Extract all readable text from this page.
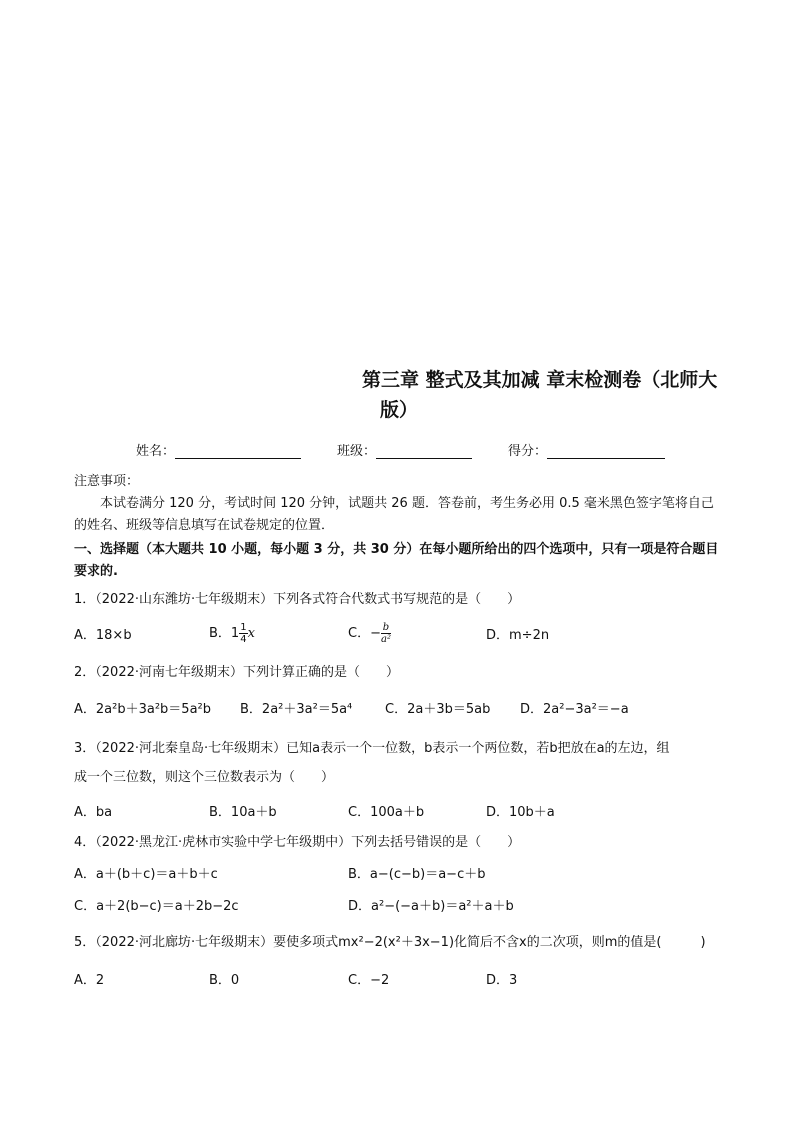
第三章 整式及其加减 章末检测卷（北师大
版）
姓名：	班级：	得分：
注意事项：
本试卷满分 120 分，考试时间 120 分钟，试题共 26 题．答卷前，考生务必用 0.5 毫米黑色签字笔将自己的姓名、班级等信息填写在试卷规定的位置．
一、选择题（本大题共 10 小题，每小题 3 分，共 30 分）在每小题所给出的四个选项中，只有一项是符合题目要求的.
1．（2022·山东潍坊·七年级期末）下列各式符合代数式书写规范的是（　　）
A．18×b	B．$1 \frac{1}{4}$ x	C．− $\frac{b}{\text{a²}}$	D．m÷2n
2．（2022·河南七年级期末）下列计算正确的是（　　）
A．2a²b＋3a²b＝5a²b B．2a²＋3a²＝5a⁴	C．2a＋3b＝5ab D．2a²−3a²＝−a
3．（2022·河北秦皇岛·七年级期末）已知a表示一个一位数，b表示一个两位数，若b把放在a的左边，组
成一个三位数，则这个三位数表示为（　　）
A．ba	B．10a＋b	C．100a＋b	D．10b＋a
4．（2022·黑龙江·虎林市实验中学七年级期中）下列去括号错误的是（　　）
A．a＋(b＋c)＝a＋b＋c	B．a−(c−b)＝a−c＋b
C．a＋2(b−c)＝a＋2b−2c	D．a²−(−a＋b)＝a²＋a＋b
5．（2022·河北廊坊·七年级期末）要使多项式mx²−2(x²＋3x−1)化简后不含x的二次项，则m的值是(　　　)
A．2	B．0	C．−2	D．3
